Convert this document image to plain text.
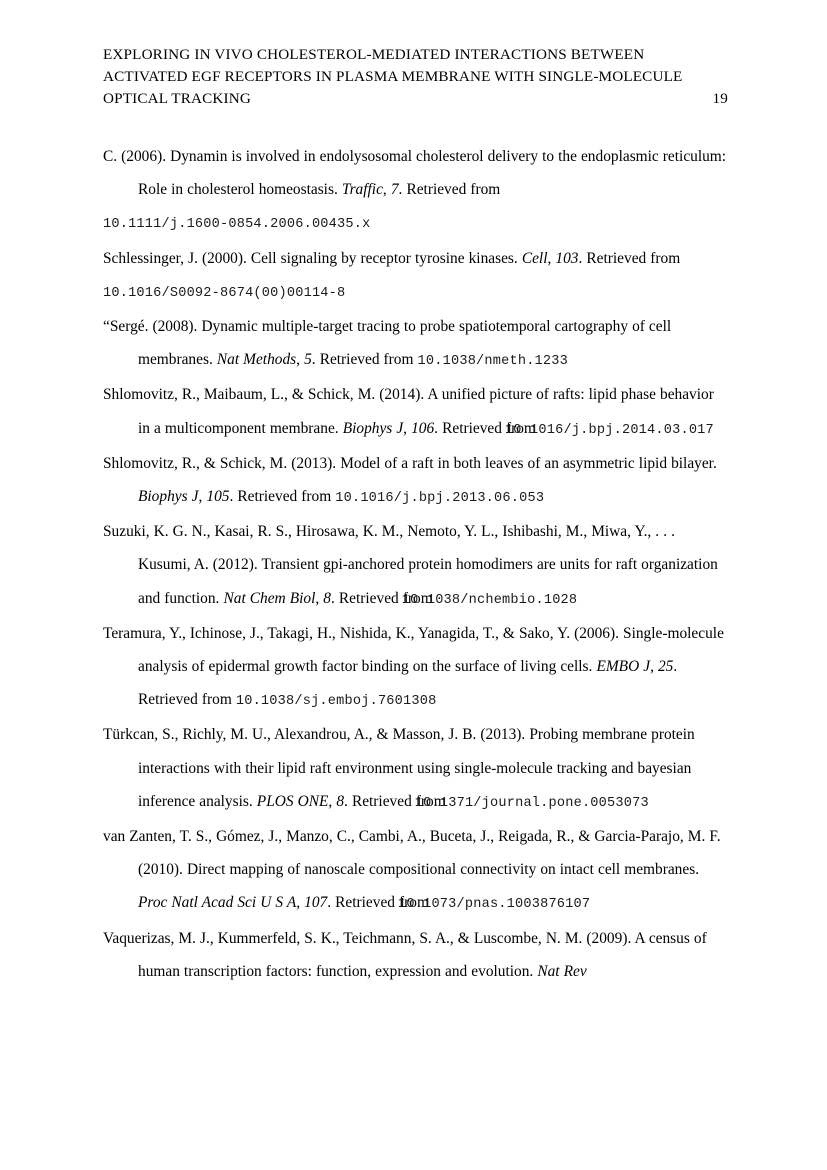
EXPLORING IN VIVO CHOLESTEROL-MEDIATED INTERACTIONS BETWEEN
ACTIVATED EGF RECEPTORS IN PLASMA MEMBRANE WITH SINGLE-MOLECULE
OPTICAL TRACKING	19
C. (2006). Dynamin is involved in endolysosomal cholesterol delivery to the endoplasmic reticulum: Role in cholesterol homeostasis. Traffic, 7. Retrieved from 10.1111/j.1600-0854.2006.00435.x
Schlessinger, J. (2000). Cell signaling by receptor tyrosine kinases. Cell, 103. Retrieved from 10.1016/S0092-8674(00)00114-8
“Sergé. (2008). Dynamic multiple-target tracing to probe spatiotemporal cartography of cell membranes. Nat Methods, 5. Retrieved from 10.1038/nmeth.1233
Shlomovitz, R., Maibaum, L., & Schick, M. (2014). A unified picture of rafts: lipid phase behavior in a multicomponent membrane. Biophys J, 106. Retrieved from 10.1016/j.bpj.2014.03.017
Shlomovitz, R., & Schick, M. (2013). Model of a raft in both leaves of an asymmetric lipid bilayer. Biophys J, 105. Retrieved from 10.1016/j.bpj.2013.06.053
Suzuki, K. G. N., Kasai, R. S., Hirosawa, K. M., Nemoto, Y. L., Ishibashi, M., Miwa, Y., . . . Kusumi, A. (2012). Transient gpi-anchored protein homodimers are units for raft organization and function. Nat Chem Biol, 8. Retrieved from 10.1038/nchembio.1028
Teramura, Y., Ichinose, J., Takagi, H., Nishida, K., Yanagida, T., & Sako, Y. (2006). Single-molecule analysis of epidermal growth factor binding on the surface of living cells. EMBO J, 25. Retrieved from 10.1038/sj.emboj.7601308
Türkcan, S., Richly, M. U., Alexandrou, A., & Masson, J. B. (2013). Probing membrane protein interactions with their lipid raft environment using single-molecule tracking and bayesian inference analysis. PLOS ONE, 8. Retrieved from 10.1371/journal.pone.0053073
van Zanten, T. S., Gómez, J., Manzo, C., Cambi, A., Buceta, J., Reigada, R., & Garcia-Parajo, M. F. (2010). Direct mapping of nanoscale compositional connectivity on intact cell membranes. Proc Natl Acad Sci U S A, 107. Retrieved from 10.1073/pnas.1003876107
Vaquerizas, M. J., Kummerfeld, S. K., Teichmann, S. A., & Luscombe, N. M. (2009). A census of human transcription factors: function, expression and evolution. Nat Rev
